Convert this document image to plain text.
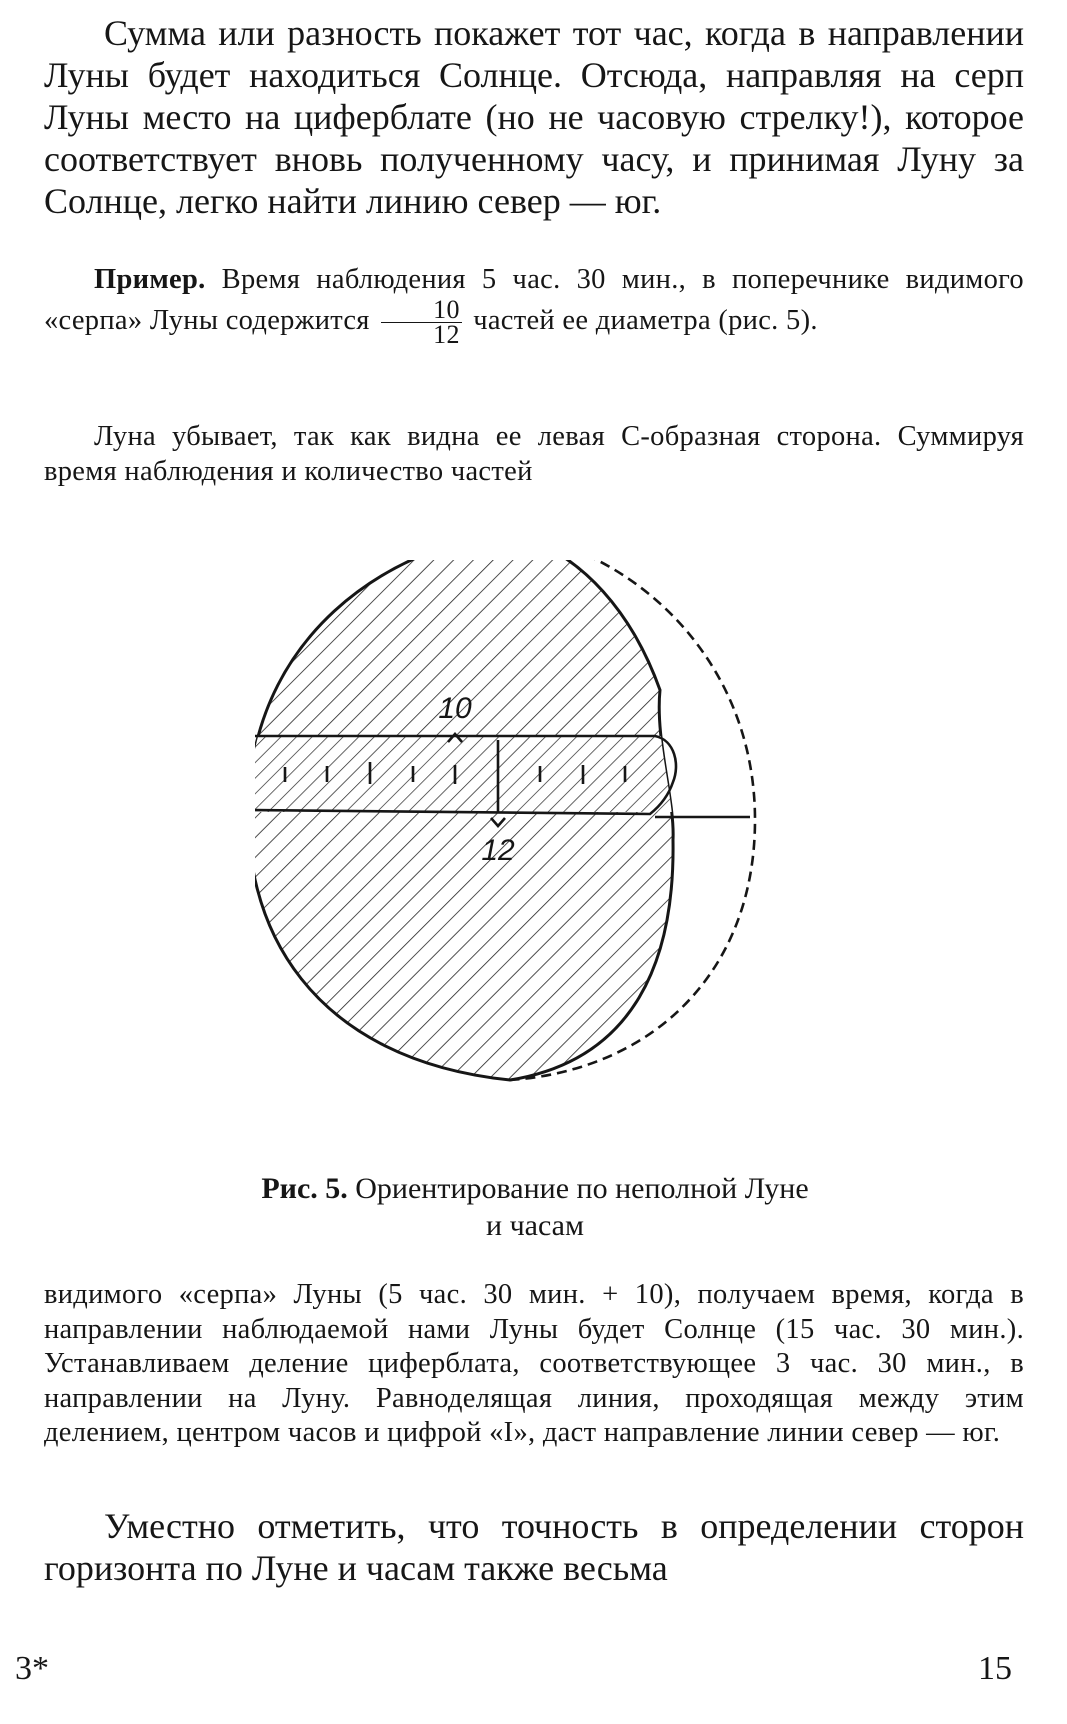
Сумма или разность покажет тот час, когда в направлении Луны будет находиться Солнце. Отсюда, направляя на серп Луны место на циферблате (но не часовую стрелку!), которое соответствует вновь полученному часу, и принимая Луну за Солнце, легко найти линию север — юг.

Пример. Время наблюдения 5 час. 30 мин., в поперечнике видимого «серпа» Луны содержится $\frac{10}{12}$ частей ее диаметра (рис. 5).

Луна убывает, так как видна ее левая С-образная сторона. Суммируя время наблюдения и количество частей

10
12
Рис. 5. Ориентирование по неполной Луне и часам

видимого «серпа» Луны (5 час. 30 мин. + 10), получаем время, когда в направлении наблюдаемой нами Луны будет Солнце (15 час. 30 мин.). Устанавливаем деление циферблата, соответствующее 3 час. 30 мин., в направлении на Луну. Равноделящая линия, проходящая между этим делением, центром часов и цифрой «I», даст направление линии север — юг.

Уместно отметить, что точность в определении сторон горизонта по Луне и часам также весьма

3*	15
